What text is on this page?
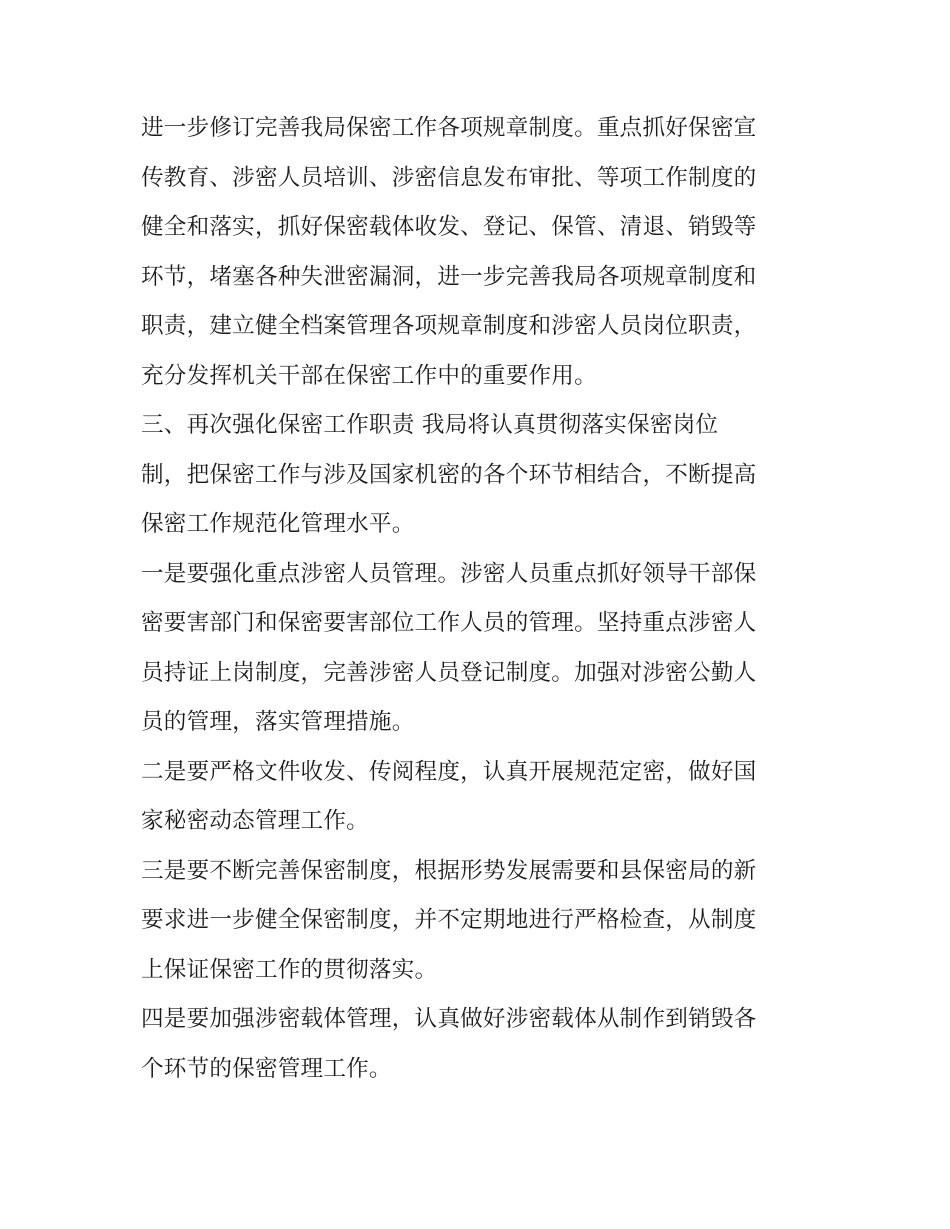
进一步修订完善我局保密工作各项规章制度。重点抓好保密宣
传教育、涉密人员培训、涉密信息发布审批、等项工作制度的
健全和落实，抓好保密载体收发、登记、保管、清退、销毁等
环节，堵塞各种失泄密漏洞，进一步完善我局各项规章制度和
职责，建立健全档案管理各项规章制度和涉密人员岗位职责，
充分发挥机关干部在保密工作中的重要作用。
三、再次强化保密工作职责 我局将认真贯彻落实保密岗位
制，把保密工作与涉及国家机密的各个环节相结合，不断提高
保密工作规范化管理水平。
一是要强化重点涉密人员管理。涉密人员重点抓好领导干部保
密要害部门和保密要害部位工作人员的管理。坚持重点涉密人
员持证上岗制度，完善涉密人员登记制度。加强对涉密公勤人
员的管理，落实管理措施。
二是要严格文件收发、传阅程度，认真开展规范定密，做好国
家秘密动态管理工作。
三是要不断完善保密制度，根据形势发展需要和县保密局的新
要求进一步健全保密制度，并不定期地进行严格检查，从制度
上保证保密工作的贯彻落实。
四是要加强涉密载体管理，认真做好涉密载体从制作到销毁各
个环节的保密管理工作。
